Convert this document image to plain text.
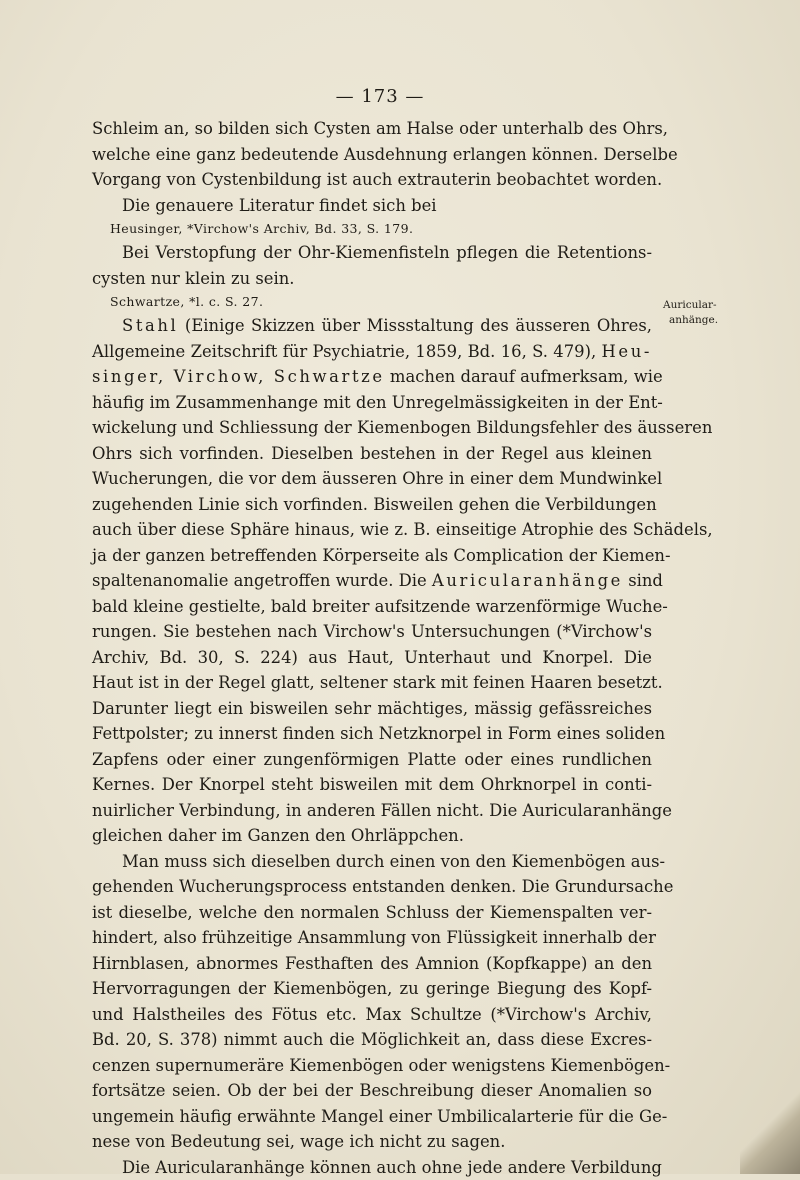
— 173 —
Schleim an, so bilden sich Cysten am Halse oder unterhalb des Ohrs,
welche eine ganz bedeutende Ausdehnung erlangen können. Derselbe
Vorgang von Cystenbildung ist auch extrauterin beobachtet worden.
Die genauere Literatur findet sich bei
Heusinger, *Virchow's Archiv, Bd. 33, S. 179.
Bei Verstopfung der Ohr-Kiemenfisteln pflegen die Retentions-
cysten nur klein zu sein.
Schwartze, *l. c. S. 27.
Stahl (Einige Skizzen über Missstaltung des äusseren Ohres,
Allgemeine Zeitschrift für Psychiatrie, 1859, Bd. 16, S. 479), Heu-
singer, Virchow, Schwartze machen darauf aufmerksam, wie
häufig im Zusammenhange mit den Unregelmässigkeiten in der Ent-
wickelung und Schliessung der Kiemenbogen Bildungsfehler des äusseren
Ohrs sich vorfinden. Dieselben bestehen in der Regel aus kleinen
Wucherungen, die vor dem äusseren Ohre in einer dem Mundwinkel
zugehenden Linie sich vorfinden. Bisweilen gehen die Verbildungen
auch über diese Sphäre hinaus, wie z. B. einseitige Atrophie des Schädels,
ja der ganzen betreffenden Körperseite als Complication der Kiemen-
spaltenanomalie angetroffen wurde. Die Auricularanhänge sind
bald kleine gestielte, bald breiter aufsitzende warzenförmige Wuche-
rungen. Sie bestehen nach Virchow's Untersuchungen (*Virchow's
Archiv, Bd. 30, S. 224) aus Haut, Unterhaut und Knorpel. Die
Haut ist in der Regel glatt, seltener stark mit feinen Haaren besetzt.
Darunter liegt ein bisweilen sehr mächtiges, mässig gefässreiches
Fettpolster; zu innerst finden sich Netzknorpel in Form eines soliden
Zapfens oder einer zungenförmigen Platte oder eines rundlichen
Kernes. Der Knorpel steht bisweilen mit dem Ohrknorpel in conti-
nuirlicher Verbindung, in anderen Fällen nicht. Die Auricularanhänge
gleichen daher im Ganzen den Ohrläppchen.
Man muss sich dieselben durch einen von den Kiemenbögen aus-
gehenden Wucherungsprocess entstanden denken. Die Grundursache
ist dieselbe, welche den normalen Schluss der Kiemenspalten ver-
hindert, also frühzeitige Ansammlung von Flüssigkeit innerhalb der
Hirnblasen, abnormes Festhaften des Amnion (Kopfkappe) an den
Hervorragungen der Kiemenbögen, zu geringe Biegung des Kopf-
und Halstheiles des Fötus etc. Max Schultze (*Virchow's Archiv,
Bd. 20, S. 378) nimmt auch die Möglichkeit an, dass diese Excres-
cenzen supernumeräre Kiemenbögen oder wenigstens Kiemenbögen-
fortsätze seien. Ob der bei der Beschreibung dieser Anomalien so
ungemein häufig erwähnte Mangel einer Umbilicalarterie für die Ge-
nese von Bedeutung sei, wage ich nicht zu sagen.
Die Auricularanhänge können auch ohne jede andere Verbildung
Auricular-
anhänge.
